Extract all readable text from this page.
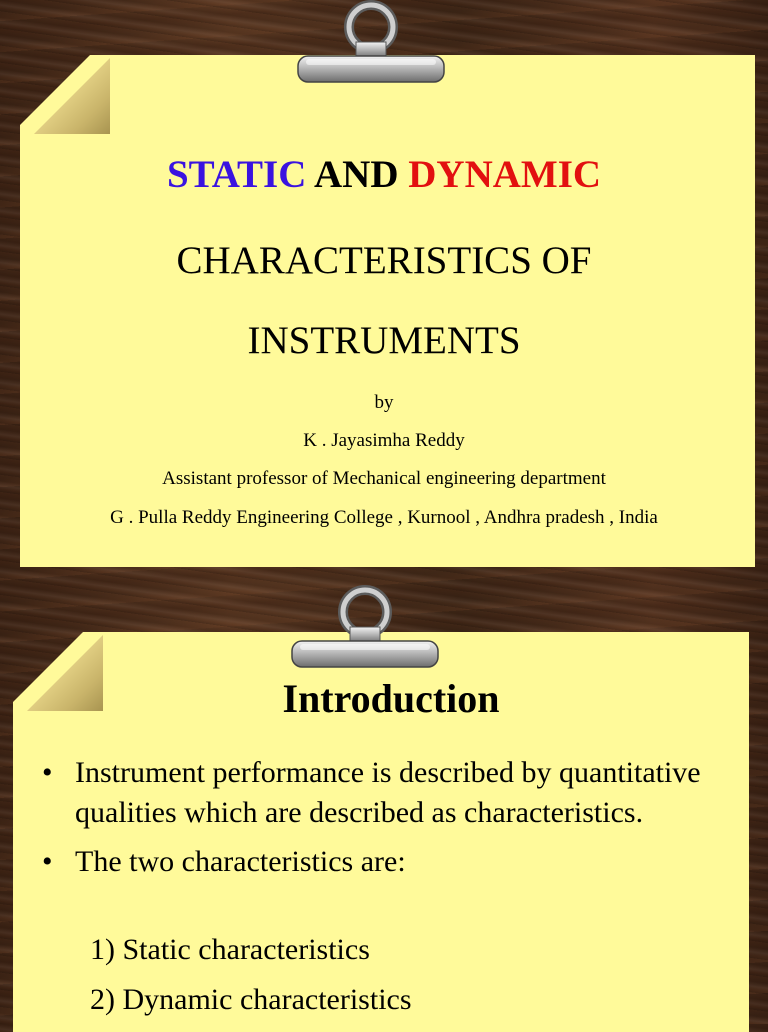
STATIC AND DYNAMIC

CHARACTERISTICS OF

INSTRUMENTS

by

K . Jayasimha Reddy

Assistant professor of Mechanical engineering department

G . Pulla Reddy Engineering College , Kurnool , Andhra pradesh , India

Introduction
• Instrument performance is described by quantitative qualities which are described as characteristics.
• The two characteristics are:
1) Static characteristics
2) Dynamic characteristics
